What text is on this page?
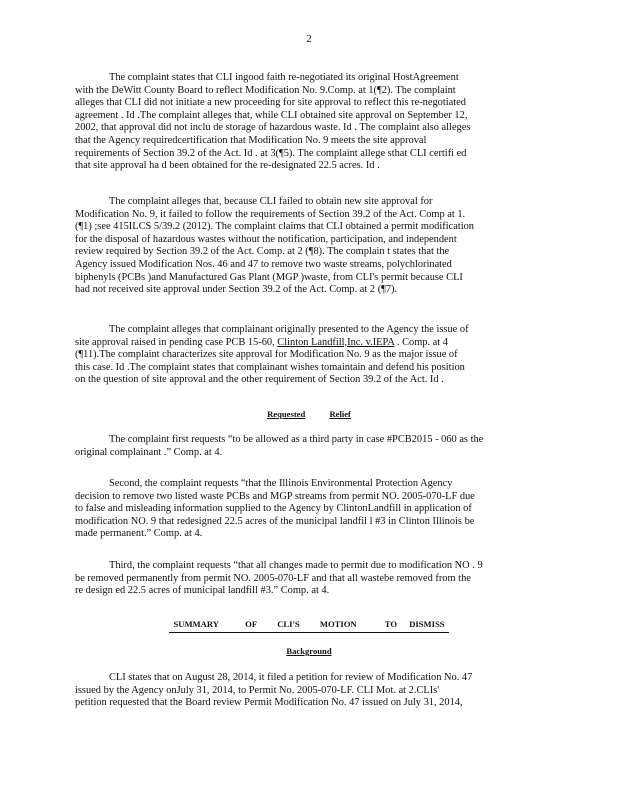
2
The complaint states that CLI ingood faith re-negotiated its original HostAgreement
with the DeWitt County Board to reflect Modification No. 9.Comp. at 1(¶2). The complaint
alleges that CLI did not initiate a new proceeding for site approval to reflect this re-negotiated
agreement . Id .The complaint alleges that, while CLI obtained site approval on September 12,
2002, that approval did not inclu de storage of hazardous waste. Id . The complaint also alleges
that the Agency requiredcertification that Modification No. 9 meets the site approval
requirements of Section 39.2 of the Act. Id . at 3(¶5). The complaint allege sthat CLI certifi ed
that site approval ha d been obtained for the re-designated 22.5 acres. Id .
The complaint alleges that, because CLI failed to obtain new site approval for
Modification No. 9, it failed to follow the requirements of Section 39.2 of the Act. Comp at 1.
(¶1) ;see 415ILCS 5/39.2 (2012). The complaint claims that CLI obtained a permit modification
for the disposal of hazardous wastes without the notification, participation, and independent
review required by Section 39.2 of the Act. Comp. at 2 (¶8). The complain t states that the
Agency issued Modification Nos. 46 and 47 to remove two waste streams, polychlorinated
biphenyls (PCBs )and Manufactured Gas Plant (MGP )waste, from CLI's permit because CLI
had not received site approval under Section 39.2 of the Act. Comp. at 2 (¶7).
The complaint alleges that complainant originally presented to the Agency the issue of
site approval raised in pending case PCB 15-60, Clinton Landfill,Inc. v.IEPA . Comp. at 4
(¶11).The complaint characterizes site approval for Modification No. 9 as the major issue of
this case. Id .The complaint states that complainant wishes tomaintain and defend his position
on the question of site approval and the other requirement of Section 39.2 of the Act. Id .
Requested	Relief
The complaint first requests “to be allowed as a third party in case #PCB2015 - 060 as the
original complainant .” Comp. at 4.
Second, the complaint requests “that the Illinois Environmental Protection Agency
decision to remove two listed waste PCBs and MGP streams from permit NO. 2005-070-LF due
to false and misleading information supplied to the Agency by ClintonLandfill in application of
modification NO. 9 that redesigned 22.5 acres of the municipal landfil l #3 in Clinton Illinois be
made permanent.” Comp. at 4.
Third, the complaint requests “that all changes made to permit due to modification NO . 9
be removed permanently from permit NO. 2005-070-LF and that all wastebe removed from the
re design ed 22.5 acres of municipal landfill #3.” Comp. at 4.
SUMMARY	OF CLI'S MOTION	TO DISMISS
Background
CLI states that on August 28, 2014, it filed a petition for review of Modification No. 47
issued by the Agency onJuly 31, 2014, to Permit No. 2005-070-LF. CLI Mot. at 2.CLIs'
petition requested that the Board review Permit Modification No. 47 issued on July 31, 2014,
